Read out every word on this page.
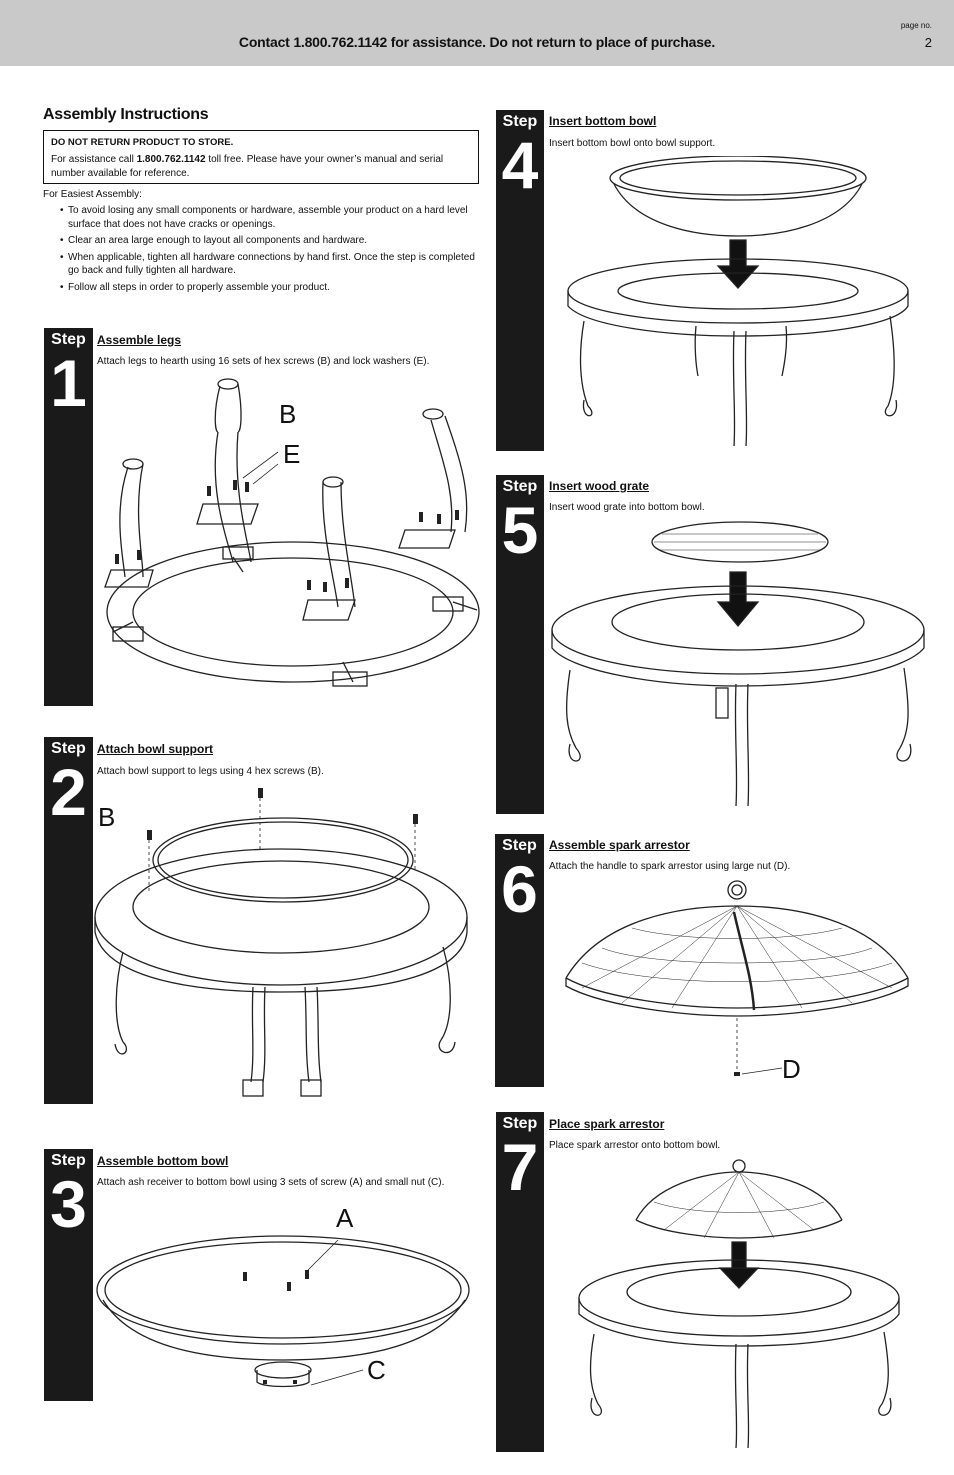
Contact 1.800.762.1142 for assistance. Do not return to place of purchase.
page no.
2
Assembly Instructions
DO NOT RETURN PRODUCT TO STORE.
For assistance call 1.800.762.1142 toll free. Please have your owner’s manual and serial number available for reference.
For Easiest Assembly:
• To avoid losing any small components or hardware, assemble your product on a hard level surface that does not have cracks or openings.
• Clear an area large enough to layout all components and hardware.
• When applicable, tighten all hardware connections by hand first. Once the step is completed go back and fully tighten all hardware.
• Follow all steps in order to properly assemble your product.
Step
1
Assemble legs
Attach legs to hearth using 16 sets of hex screws (B) and lock washers (E).
B
E
Step
2
Attach bowl support
Attach bowl support to legs using 4 hex screws (B).
B
Step
3
Assemble bottom bowl
Attach ash receiver to bottom bowl using 3 sets of screw (A) and small nut (C).
A
C
Step
4
Insert bottom bowl
Insert bottom bowl onto bowl support.
Step
5
Insert wood grate
Insert wood grate into bottom bowl.
Step
6
Assemble spark arrestor
Attach the handle to spark arrestor using large nut (D).
D
Step
7
Place spark arrestor
Place spark arrestor onto bottom bowl.
